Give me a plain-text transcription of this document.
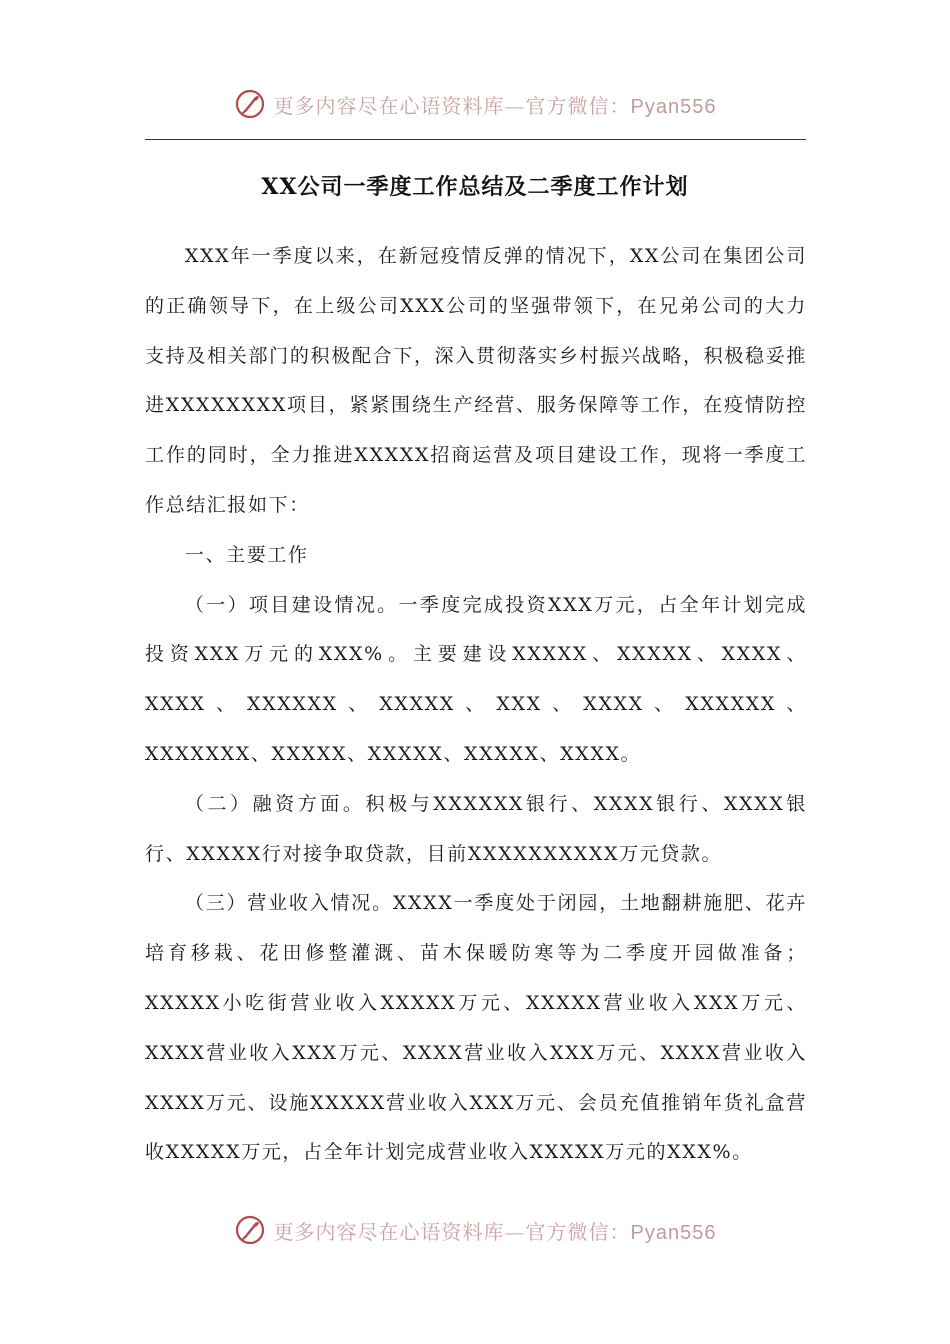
更多内容尽在心语资料库—官方微信：Pyan556
XX公司一季度工作总结及二季度工作计划

XXX年一季度以来，在新冠疫情反弹的情况下，XX公司在集团公司的正确领导下，在上级公司XXX公司的坚强带领下，在兄弟公司的大力支持及相关部门的积极配合下，深入贯彻落实乡村振兴战略，积极稳妥推进XXXXXXXX项目，紧紧围绕生产经营、服务保障等工作，在疫情防控工作的同时，全力推进XXXXX招商运营及项目建设工作，现将一季度工作总结汇报如下：

一、主要工作

（一）项目建设情况。一季度完成投资XXX万元，占全年计划完成投资XXX万元的XXX%。主要建设XXXXX、XXXXX、XXXX、XXXX、XXXXXX、XXXXX、XXX、XXXX、XXXXXX、XXXXXXX、XXXXX、XXXXX、XXXXX、XXXX。

（二）融资方面。积极与XXXXXX银行、XXXX银行、XXXX银行、XXXXX行对接争取贷款，目前XXXXXXXXXX万元贷款。

（三）营业收入情况。XXXX一季度处于闭园，土地翻耕施肥、花卉培育移栽、花田修整灌溉、苗木保暖防寒等为二季度开园做准备；XXXXX小吃街营业收入XXXXX万元、XXXXX营业收入XXX万元、XXXX营业收入XXX万元、XXXX营业收入XXX万元、XXXX营业收入XXXX万元、设施XXXXX营业收入XXX万元、会员充值推销年货礼盒营收XXXXX万元，占全年计划完成营业收入XXXXX万元的XXX%。

更多内容尽在心语资料库—官方微信：Pyan556
